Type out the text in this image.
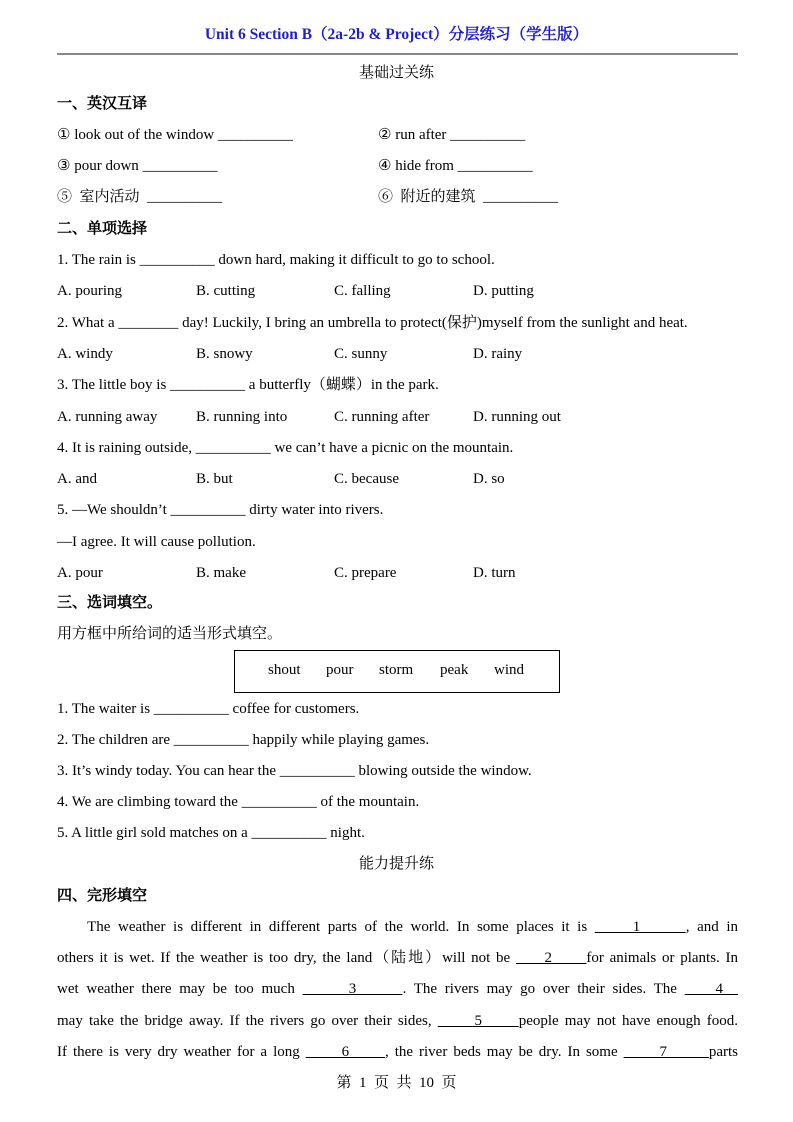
Unit 6 Section B（2a-2b & Project）分层练习（学生版）
基础过关练
一、英汉互译
① look out of the window __________	② run after __________
③ pour down __________	④ hide from __________
⑤  室内活动  __________	⑥  附近的建筑  __________
二、单项选择
1. The rain is __________ down hard, making it difficult to go to school.
A. pouring	B. cutting	C. falling	D. putting
2. What a ________ day! Luckily, I bring an umbrella to protect(保护)myself from the sunlight and heat.
A. windy	B. snowy	C. sunny	D. rainy
3. The little boy is __________ a butterfly（蝴蝶）in the park.
A. running away	B. running into	C. running after	D. running out
4. It is raining outside, __________ we can’t have a picnic on the mountain.
A. and	B. but	C. because	D. so
5. —We shouldn’t __________ dirty water into rivers.
—I agree. It will cause pollution.
A. pour	B. make	C. prepare	D. turn
三、选词填空。
用方框中所给词的适当形式填空。
shout pour storm peak wind
1. The waiter is __________ coffee for customers.
2. The children are __________ happily while playing games.
3. It’s windy today. You can hear the __________ blowing outside the window.
4. We are climbing toward the __________ of the mountain.
5. A little girl sold matches on a __________ night.
能力提升练
四、完形填空
The weather is different in different parts of the world. In some places it is      1      , and in
others it is wet. If the weather is too dry, the land（陆地）will not be      2      for animals or plants. In
wet weather there may be too much       3      . The rivers may go over their sides. The     4
may take the bridge away. If the rivers go over their sides,       5      people may not have enough food.
If there is very dry weather for a long       6      , the river beds may be dry. In some       7       parts
第  1  页  共  10  页
